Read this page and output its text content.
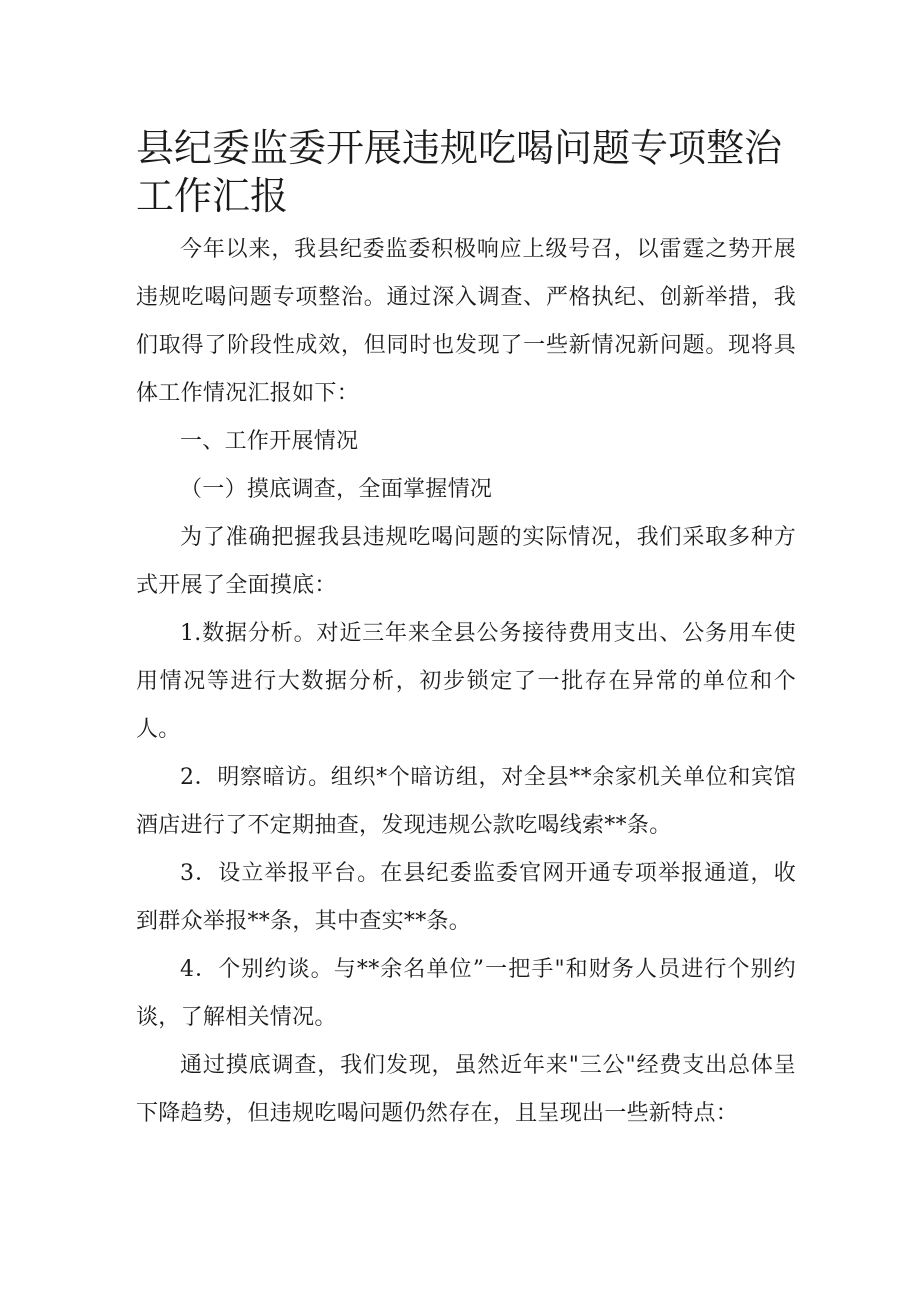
县纪委监委开展违规吃喝问题专项整治工作汇报

今年以来，我县纪委监委积极响应上级号召，以雷霆之势开展违规吃喝问题专项整治。通过深入调查、严格执纪、创新举措，我们取得了阶段性成效，但同时也发现了一些新情况新问题。现将具体工作情况汇报如下：

一、工作开展情况

（一）摸底调查，全面掌握情况

为了准确把握我县违规吃喝问题的实际情况，我们采取多种方式开展了全面摸底：

1.数据分析。对近三年来全县公务接待费用支出、公务用车使用情况等进行大数据分析，初步锁定了一批存在异常的单位和个人。

2．明察暗访。组织*个暗访组，对全县**余家机关单位和宾馆酒店进行了不定期抽查，发现违规公款吃喝线索**条。

3．设立举报平台。在县纪委监委官网开通专项举报通道，收到群众举报**条，其中查实**条。

4．个别约谈。与**余名单位”一把手"和财务人员进行个别约谈，了解相关情况。

通过摸底调查，我们发现，虽然近年来"三公"经费支出总体呈下降趋势，但违规吃喝问题仍然存在，且呈现出一些新特点：
